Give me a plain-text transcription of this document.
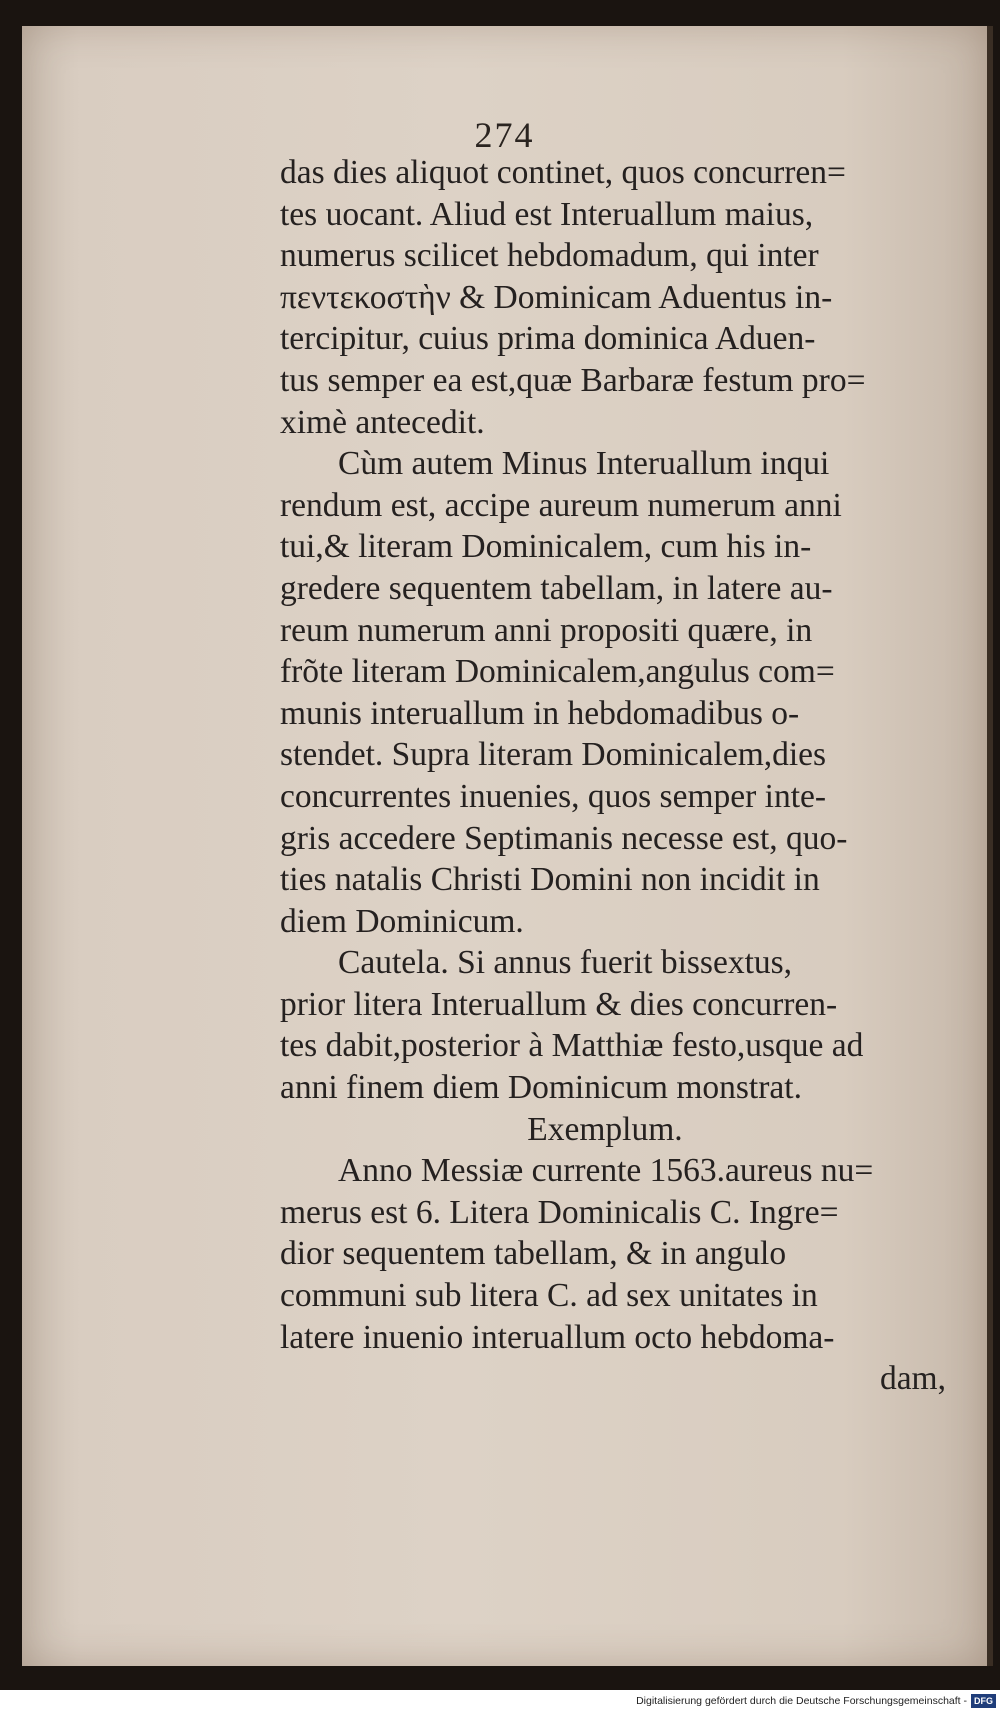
274
das dies aliquot continet, quos concurren=
tes uocant. Aliud est Interuallum maius,
numerus scilicet hebdomadum, qui inter
πεντεκοστὴν & Dominicam Aduentus in-
tercipitur, cuius prima dominica Aduen-
tus semper ea est,quæ Barbaræ festum pro=
ximè antecedit.
Cùm autem Minus Interuallum inqui
rendum est, accipe aureum numerum anni
tui,& literam Dominicalem, cum his in-
gredere sequentem tabellam, in latere au-
reum numerum anni propositi quære, in
frõte literam Dominicalem,angulus com=
munis interuallum in hebdomadibus o-
stendet. Supra literam Dominicalem,dies
concurrentes inuenies, quos semper inte-
gris accedere Septimanis necesse est, quo-
ties natalis Christi Domini non incidit in
diem Dominicum.
Cautela. Si annus fuerit bissextus,
prior litera Interuallum & dies concurren-
tes dabit,posterior à Matthiæ festo,usque ad
anni finem diem Dominicum monstrat.
Exemplum.
Anno Messiæ currente 1563.aureus nu=
merus est 6. Litera Dominicalis C. Ingre=
dior sequentem tabellam, & in angulo
communi sub litera C. ad sex unitates in
latere inuenio interuallum octo hebdoma-
dam,
Digitalisierung gefördert durch die Deutsche Forschungsgemeinschaft - DFG
